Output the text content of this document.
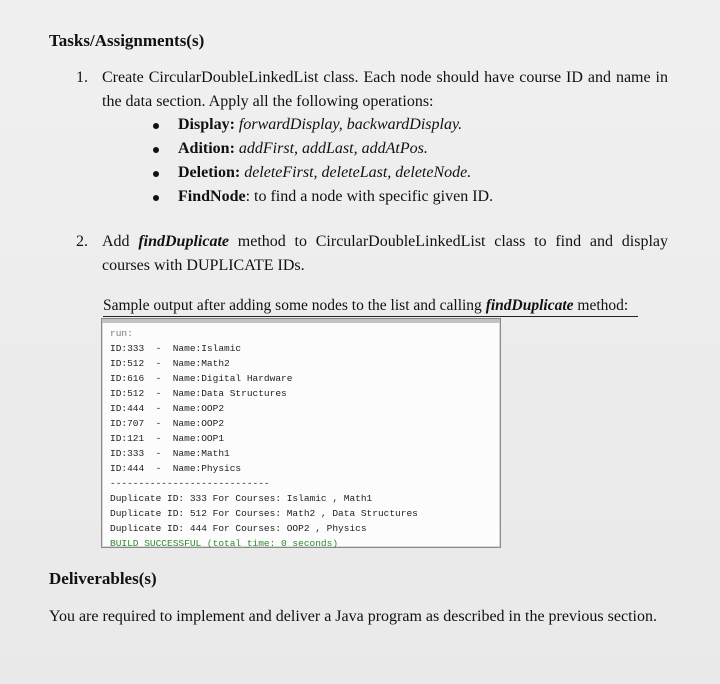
Tasks/Assignments(s)
1. Create CircularDoubleLinkedList class. Each node should have course ID and name in the data section. Apply all the following operations:
Display: forwardDisplay, backwardDisplay.
Adition: addFirst, addLast, addAtPos.
Deletion: deleteFirst, deleteLast, deleteNode.
FindNode: to find a node with specific given ID.
2. Add findDuplicate method to CircularDoubleLinkedList class to find and display courses with DUPLICATE IDs.
Sample output after adding some nodes to the list and calling findDuplicate method:
run:
ID:333  -  Name:Islamic
ID:512  -  Name:Math2
ID:616  -  Name:Digital Hardware
ID:512  -  Name:Data Structures
ID:444  -  Name:OOP2
ID:707  -  Name:OOP2
ID:121  -  Name:OOP1
ID:333  -  Name:Math1
ID:444  -  Name:Physics
----------------------------
Duplicate ID: 333 For Courses: Islamic , Math1
Duplicate ID: 512 For Courses: Math2 , Data Structures
Duplicate ID: 444 For Courses: OOP2 , Physics
BUILD SUCCESSFUL (total time: 0 seconds)
Deliverables(s)
You are required to implement and deliver a Java program as described in the previous section.
